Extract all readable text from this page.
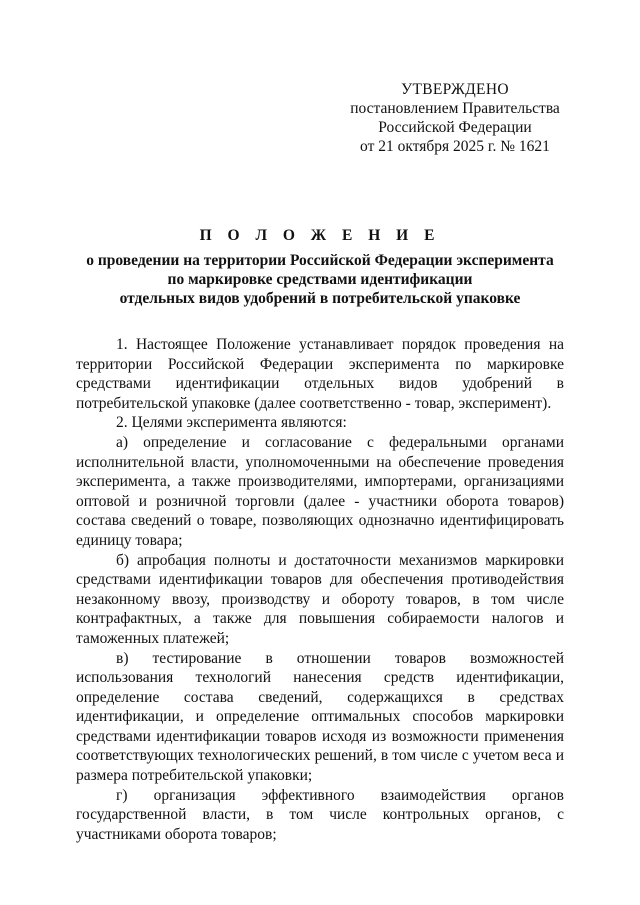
УТВЕРЖДЕНО
постановлением Правительства
Российской Федерации
от 21 октября 2025 г. № 1621
П О Л О Ж Е Н И Е
о проведении на территории Российской Федерации эксперимента
по маркировке средствами идентификации
отдельных видов удобрений в потребительской упаковке

1. Настоящее Положение устанавливает порядок проведения на территории Российской Федерации эксперимента по маркировке средствами идентификации отдельных видов удобрений в потребительской упаковке (далее соответственно - товар, эксперимент).

2. Целями эксперимента являются:

а) определение и согласование с федеральными органами исполнительной власти, уполномоченными на обеспечение проведения эксперимента, а также производителями, импортерами, организациями оптовой и розничной торговли (далее - участники оборота товаров) состава сведений о товаре, позволяющих однозначно идентифицировать единицу товара;

б) апробация полноты и достаточности механизмов маркировки средствами идентификации товаров для обеспечения противодействия незаконному ввозу, производству и обороту товаров, в том числе контрафактных, а также для повышения собираемости налогов и таможенных платежей;

в) тестирование в отношении товаров возможностей использования технологий нанесения средств идентификации, определение состава сведений, содержащихся в средствах идентификации, и определение оптимальных способов маркировки средствами идентификации товаров исходя из возможности применения соответствующих технологических решений, в том числе с учетом веса и размера потребительской упаковки;

г) организация эффективного взаимодействия органов государственной власти, в том числе контрольных органов, с участниками оборота товаров;
